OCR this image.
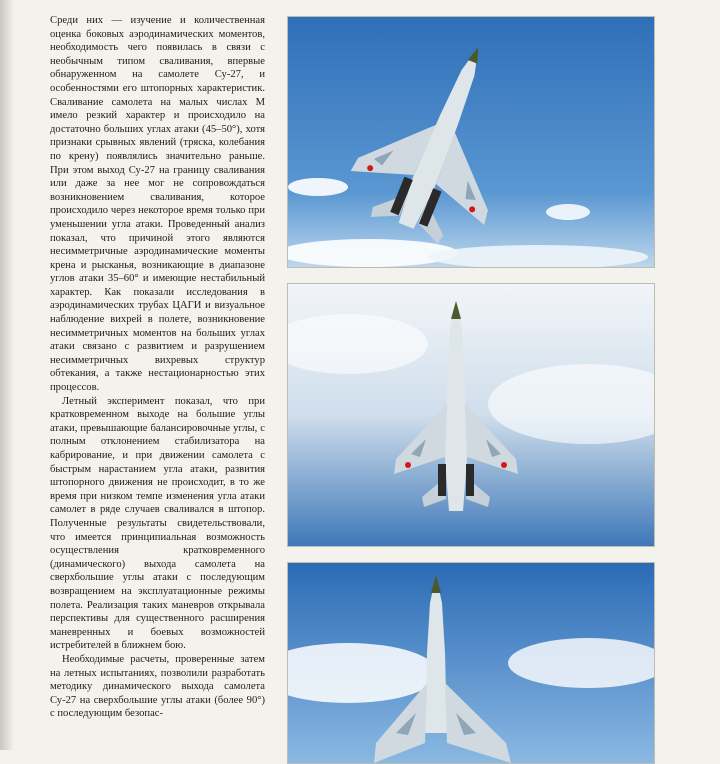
Среди них — изучение и количественная оценка боковых аэродинамических моментов, необходимость чего появилась в связи с необычным типом сваливания, впервые обнаруженном на самолете Су-27, и особенностями его штопорных характеристик. Сваливание самолета на малых числах М имело резкий характер и происходило на достаточно больших углах атаки (45–50°), хотя признаки срывных явлений (тряска, колебания по крену) появлялись значительно раньше. При этом выход Су-27 на границу сваливания или даже за нее мог не сопровождаться возникновением сваливания, которое происходило через некоторое время только при уменьшении угла атаки. Проведенный анализ показал, что причиной этого являются несимметричные аэродинамические моменты крена и рысканья, возникающие в диапазоне углов атаки 35–60° и имеющие нестабильный характер. Как показали исследования в аэродинамических трубах ЦАГИ и визуальное наблюдение вихрей в полете, возникновение несимметричных моментов на больших углах атаки связано с развитием и разрушением несимметричных вихревых структур обтекания, а также нестационарностью этих процессов.

Летный эксперимент показал, что при кратковременном выходе на большие углы атаки, превышающие балансировочные углы, с полным отклонением стабилизатора на кабрирование, и при движении самолета с быстрым нарастанием угла атаки, развития штопорного движения не происходит, в то же время при низком темпе изменения угла атаки самолет в ряде случаев сваливался в штопор. Полученные результаты свидетельствовали, что имеется принципиальная возможность осуществления кратковременного (динамического) выхода самолета на сверхбольшие углы атаки с последующим возвращением на эксплуатационные режимы полета. Реализация таких маневров открывала перспективы для существенного расширения маневренных и боевых возможностей истребителей в ближнем бою.

Необходимые расчеты, проверенные затем на летных испытаниях, позволили разработать методику динамического выхода самолета Су-27 на сверхбольшие углы атаки (более 90°) с последующим безопас-
